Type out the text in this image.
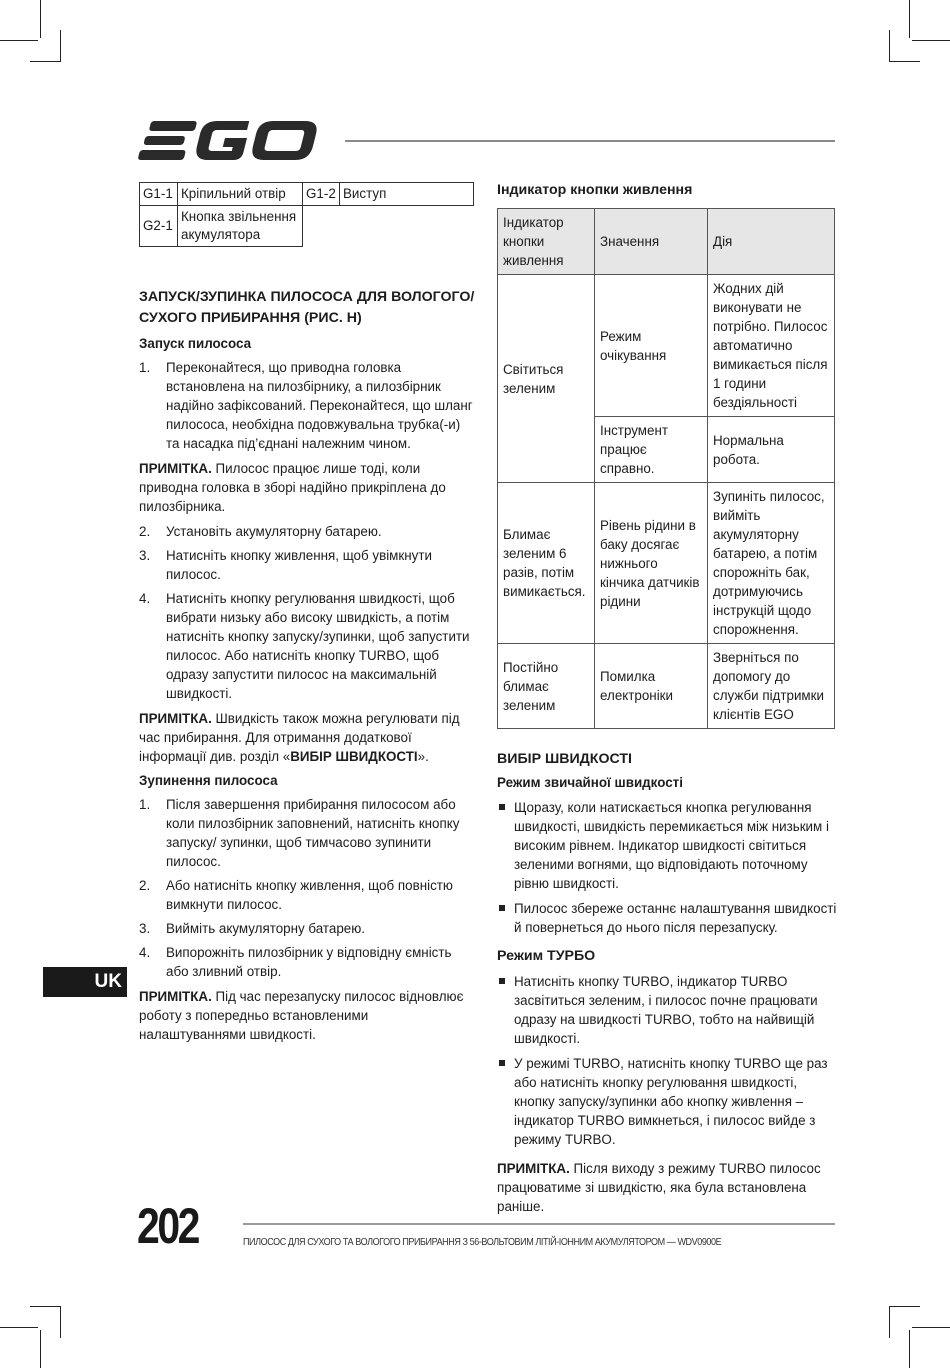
G1-1	Кріпильний отвір	G1-2	Виступ
G2-1	Кнопка звільнення акумулятора		

ЗАПУСК/ЗУПИНКА ПИЛОСОСА ДЛЯ ВОЛОГОГО/ СУХОГО ПРИБИРАННЯ (РИС. H)

Запуск пилососа

1. Переконайтеся, що приводна головка встановлена на пилозбірнику, а пилозбірник надійно зафіксований. Переконайтеся, що шланг пилососа, необхідна подовжувальна трубка(-и) та насадка під’єднані належним чином.

ПРИМІТКА. Пилосос працює лише тоді, коли приводна головка в зборі надійно прикріплена до пилозбірника.

2. Установіть акумуляторну батарею.
3. Натисніть кнопку живлення, щоб увімкнути пилосос.
4. Натисніть кнопку регулювання швидкості, щоб вибрати низьку або високу швидкість, а потім натисніть кнопку запуску/зупинки, щоб запустити пилосос. Або натисніть кнопку TURBO, щоб одразу запустити пилосос на максимальній швидкості.

ПРИМІТКА. Швидкість також можна регулювати під час прибирання. Для отримання додаткової інформації див. розділ «ВИБІР ШВИДКОСТІ».

Зупинення пилососа

1. Після завершення прибирання пилососом або коли пилозбірник заповнений, натисніть кнопку запуску/ зупинки, щоб тимчасово зупинити пилосос.
2. Або натисніть кнопку живлення, щоб повністю вимкнути пилосос.
3. Вийміть акумуляторну батарею.
4. Випорожніть пилозбірник у відповідну ємність або зливний отвір.

ПРИМІТКА. Під час перезапуску пилосос відновлює роботу з попередньо встановленими налаштуваннями швидкості.

UK

Індикатор кнопки живлення

Індикатор кнопки живлення	Значення	Дія
Світиться зеленим	Режим очікування	Жодних дій виконувати не потрібно. Пилосос автоматично вимикається після 1 години бездіяльності
	Інструмент працює справно.	Нормальна робота.
Блимає зеленим 6 разів, потім вимикається.	Рівень рідини в баку досягає нижнього кінчика датчиків рідини	Зупиніть пилосос, вийміть акумуляторну батарею, а потім спорожніть бак, дотримуючись інструкцій щодо спорожнення.
Постійно блимає зеленим	Помилка електроніки	Зверніться по допомогу до служби підтримки клієнтів EGO

ВИБІР ШВИДКОСТІ

Режим звичайної швидкості

Щоразу, коли натискається кнопка регулювання швидкості, швидкість перемикається між низьким і високим рівнем. Індикатор швидкості світиться зеленими вогнями, що відповідають поточному рівню швидкості.
Пилосос збереже останнє налаштування швидкості й повернеться до нього після перезапуску.

Режим ТУРБО

Натисніть кнопку TURBO, індикатор TURBO засвітиться зеленим, і пилосос почне працювати одразу на швидкості TURBO, тобто на найвищій швидкості.
У режимі TURBO, натисніть кнопку TURBO ще раз або натисніть кнопку регулювання швидкості, кнопку запуску/зупинки або кнопку живлення – індикатор TURBO вимкнеться, і пилосос вийде з режиму TURBO.

ПРИМІТКА. Після виходу з режиму TURBO пилосос працюватиме зі швидкістю, яка була встановлена раніше.

202	ПИЛОСОС ДЛЯ СУХОГО ТА ВОЛОГОГО ПРИБИРАННЯ З 56-ВОЛЬТОВИМ ЛІТІЙ-ІОННИМ АКУМУЛЯТОРОМ — WDV0900E
